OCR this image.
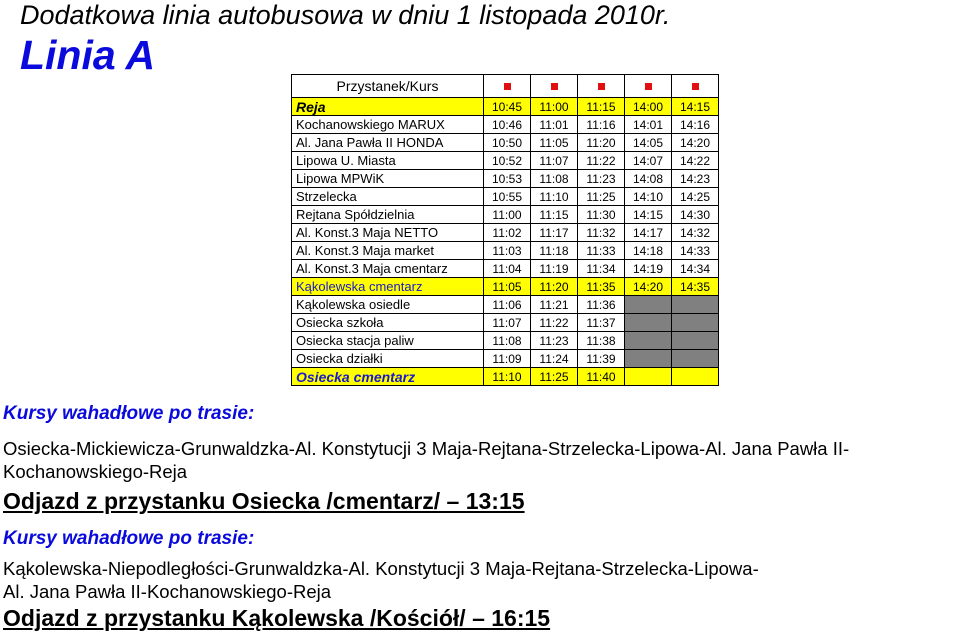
Dodatkowa linia autobusowa w dniu 1 listopada 2010r.
Linia A
Przystanek/Kurs					
Reja	10:45	11:00	11:15	14:00	14:15
Kochanowskiego MARUX	10:46	11:01	11:16	14:01	14:16
Al. Jana Pawła II HONDA	10:50	11:05	11:20	14:05	14:20
Lipowa U. Miasta	10:52	11:07	11:22	14:07	14:22
Lipowa MPWiK	10:53	11:08	11:23	14:08	14:23
Strzelecka	10:55	11:10	11:25	14:10	14:25
Rejtana Spółdzielnia	11:00	11:15	11:30	14:15	14:30
Al. Konst.3 Maja NETTO	11:02	11:17	11:32	14:17	14:32
Al. Konst.3 Maja market	11:03	11:18	11:33	14:18	14:33
Al. Konst.3 Maja cmentarz	11:04	11:19	11:34	14:19	14:34
Kąkolewska cmentarz	11:05	11:20	11:35	14:20	14:35
Kąkolewska osiedle	11:06	11:21	11:36		
Osiecka szkoła	11:07	11:22	11:37		
Osiecka stacja paliw	11:08	11:23	11:38		
Osiecka działki	11:09	11:24	11:39		
Osiecka cmentarz	11:10	11:25	11:40		
Kursy wahadłowe po trasie:
Osiecka-Mickiewicza-Grunwaldzka-Al. Konstytucji 3 Maja-Rejtana-Strzelecka-Lipowa-Al. Jana Pawła II-
Kochanowskiego-Reja
Odjazd z przystanku Osiecka /cmentarz/ – 13:15
Kursy wahadłowe po trasie:
Kąkolewska-Niepodległości-Grunwaldzka-Al. Konstytucji 3 Maja-Rejtana-Strzelecka-Lipowa-
Al. Jana Pawła II-Kochanowskiego-Reja
Odjazd z przystanku Kąkolewska /Kościół/ – 16:15
